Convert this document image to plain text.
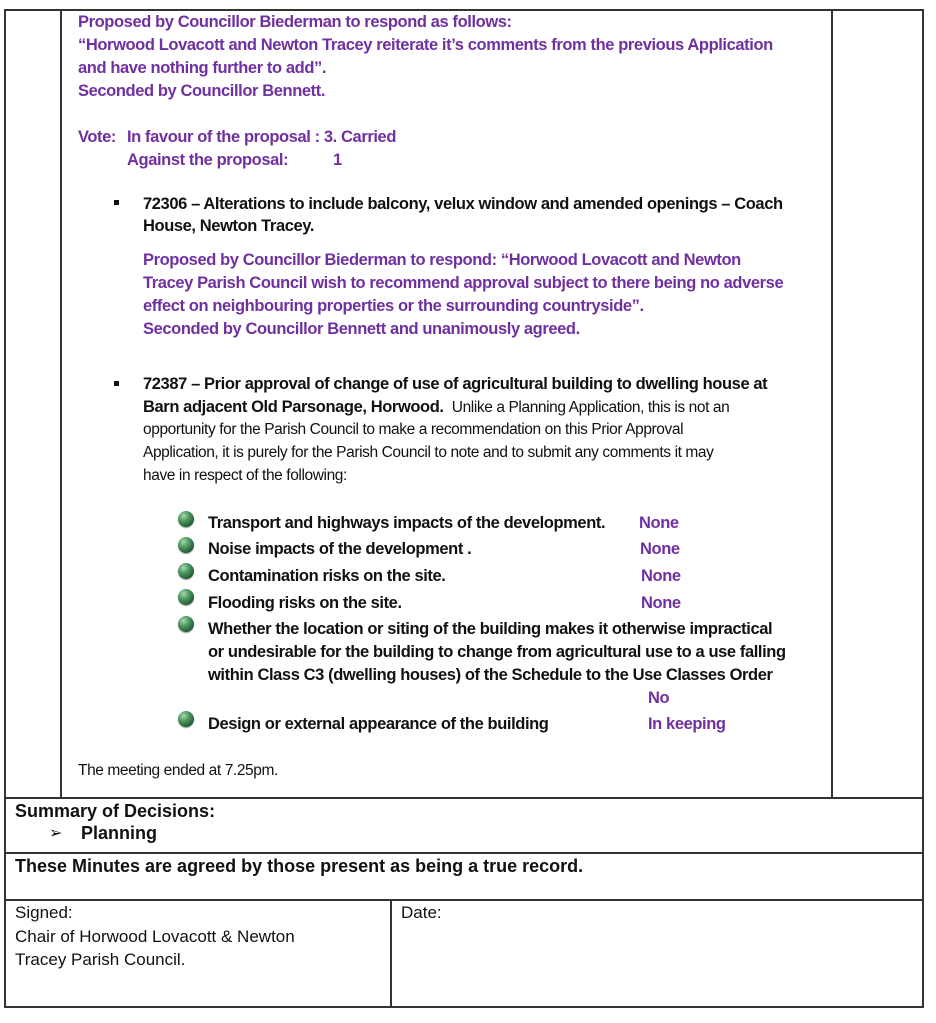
Proposed by Councillor Biederman to respond as follows:
“Horwood Lovacott and Newton Tracey reiterate it’s comments from the previous Application
and have nothing further to add”.
Seconded by Councillor Bennett.
Vote: In favour of the proposal : 3. Carried
Against the proposal:	1
72306 – Alterations to include balcony, velux window and amended openings – Coach
House, Newton Tracey.
Proposed by Councillor Biederman to respond: “Horwood Lovacott and Newton
Tracey Parish Council wish to recommend approval subject to there being no adverse
effect on neighbouring properties or the surrounding countryside”.
Seconded by Councillor Bennett and unanimously agreed.
72387 – Prior approval of change of use of agricultural building to dwelling house at
Barn adjacent Old Parsonage, Horwood. Unlike a Planning Application, this is not an
opportunity for the Parish Council to make a recommendation on this Prior Approval
Application, it is purely for the Parish Council to note and to submit any comments it may
have in respect of the following:
Transport and highways impacts of the development. None
Noise impacts of the development .	None
Contamination risks on the site.	None
Flooding risks on the site.	None
Whether the location or siting of the building makes it otherwise impractical
or undesirable for the building to change from agricultural use to a use falling
within Class C3 (dwelling houses) of the Schedule to the Use Classes Order
No
Design or external appearance of the building	In keeping
The meeting ended at 7.25pm.
Summary of Decisions:
➢ Planning
These Minutes are agreed by those present as being a true record.
Signed:
Chair of Horwood Lovacott & Newton
Tracey Parish Council.
Date:
